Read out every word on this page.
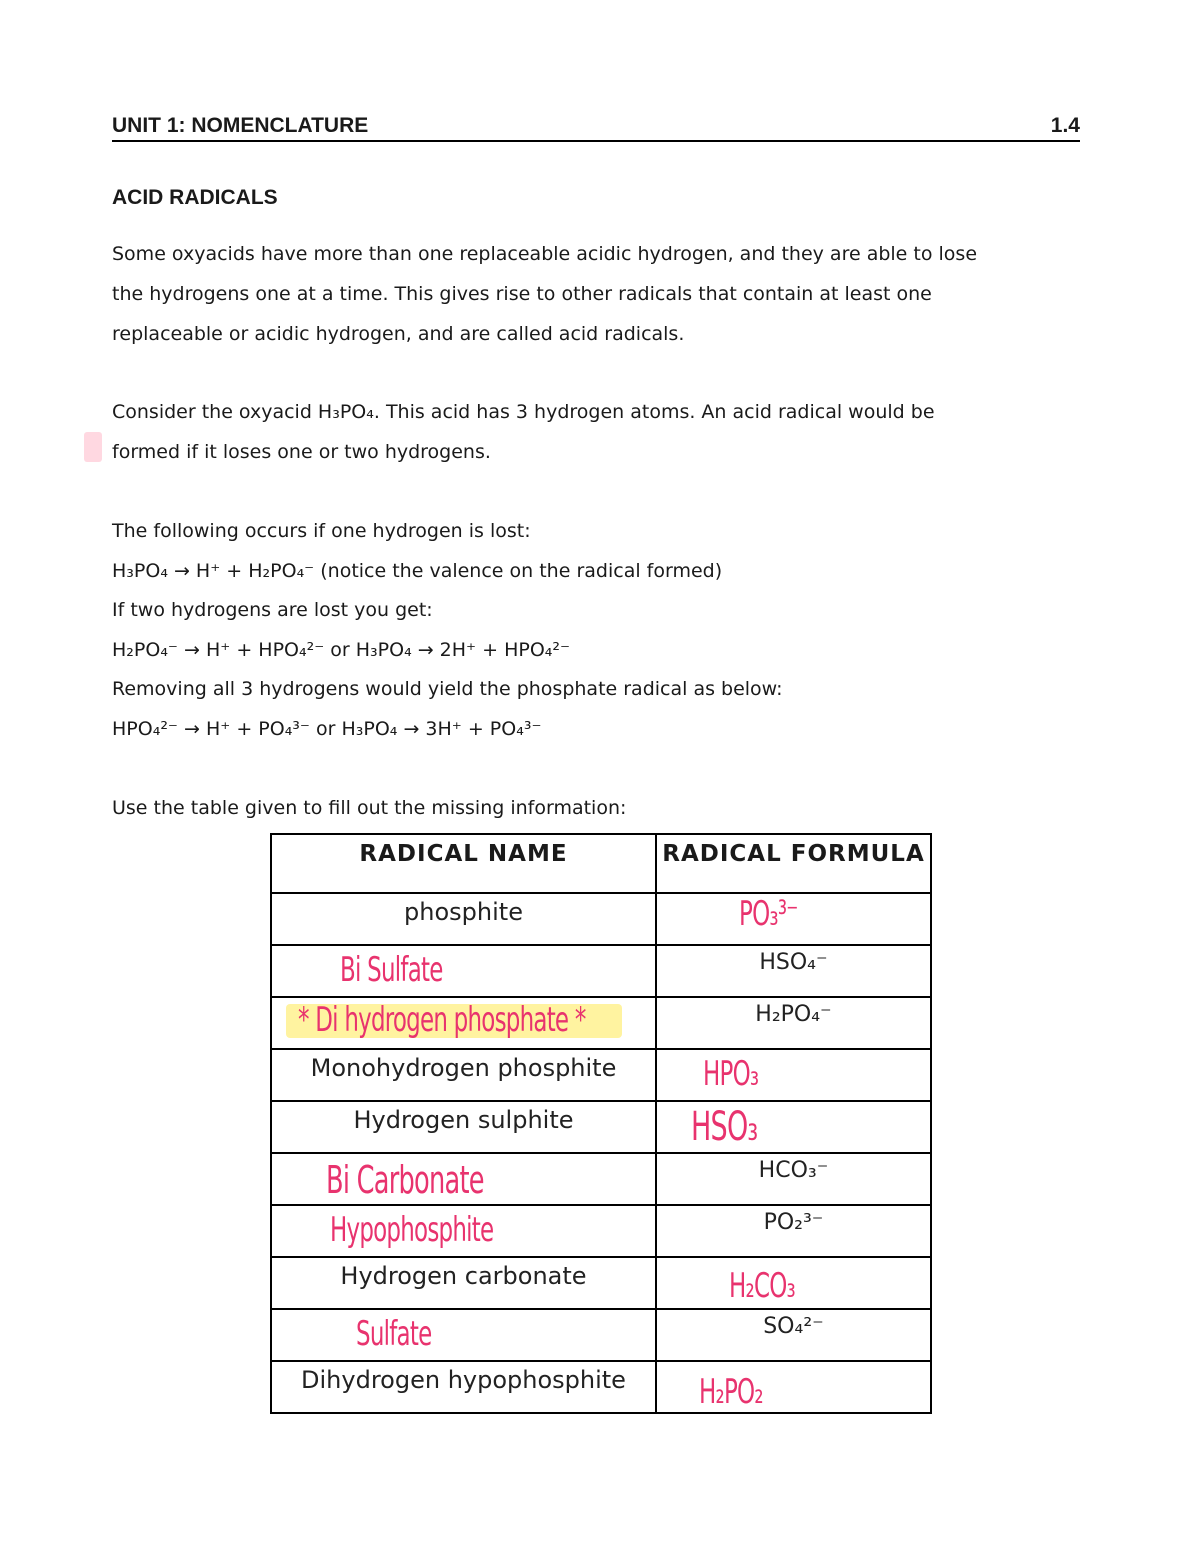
UNIT 1: NOMENCLATURE	1.4
ACID RADICALS
Some oxyacids have more than one replaceable acidic hydrogen, and they are able to lose
the hydrogens one at a time. This gives rise to other radicals that contain at least one
replaceable or acidic hydrogen, and are called acid radicals.
Consider the oxyacid H₃PO₄. This acid has 3 hydrogen atoms. An acid radical would be
formed if it loses one or two hydrogens.
The following occurs if one hydrogen is lost:
H₃PO₄ → H⁺ + H₂PO₄⁻ (notice the valence on the radical formed)
If two hydrogens are lost you get:
H₂PO₄⁻ → H⁺ + HPO₄²⁻ or H₃PO₄ → 2H⁺ + HPO₄²⁻
Removing all 3 hydrogens would yield the phosphate radical as below:
HPO₄²⁻ → H⁺ + PO₄³⁻ or H₃PO₄ → 3H⁺ + PO₄³⁻
Use the table given to fill out the missing information:
RADICAL NAME	RADICAL FORMULA

phosphite	PO₃³⁻

Bi Sulfate	HSO₄⁻

* Di hydrogen phosphate *	H₂PO₄⁻

Monohydrogen phosphite	HPO₃

Hydrogen sulphite	HSO₃

Bi Carbonate	HCO₃⁻

Hypophosphite	PO₂³⁻

Hydrogen carbonate	H₂CO₃

Sulfate	SO₄²⁻

Dihydrogen hypophosphite	H₂PO₂
